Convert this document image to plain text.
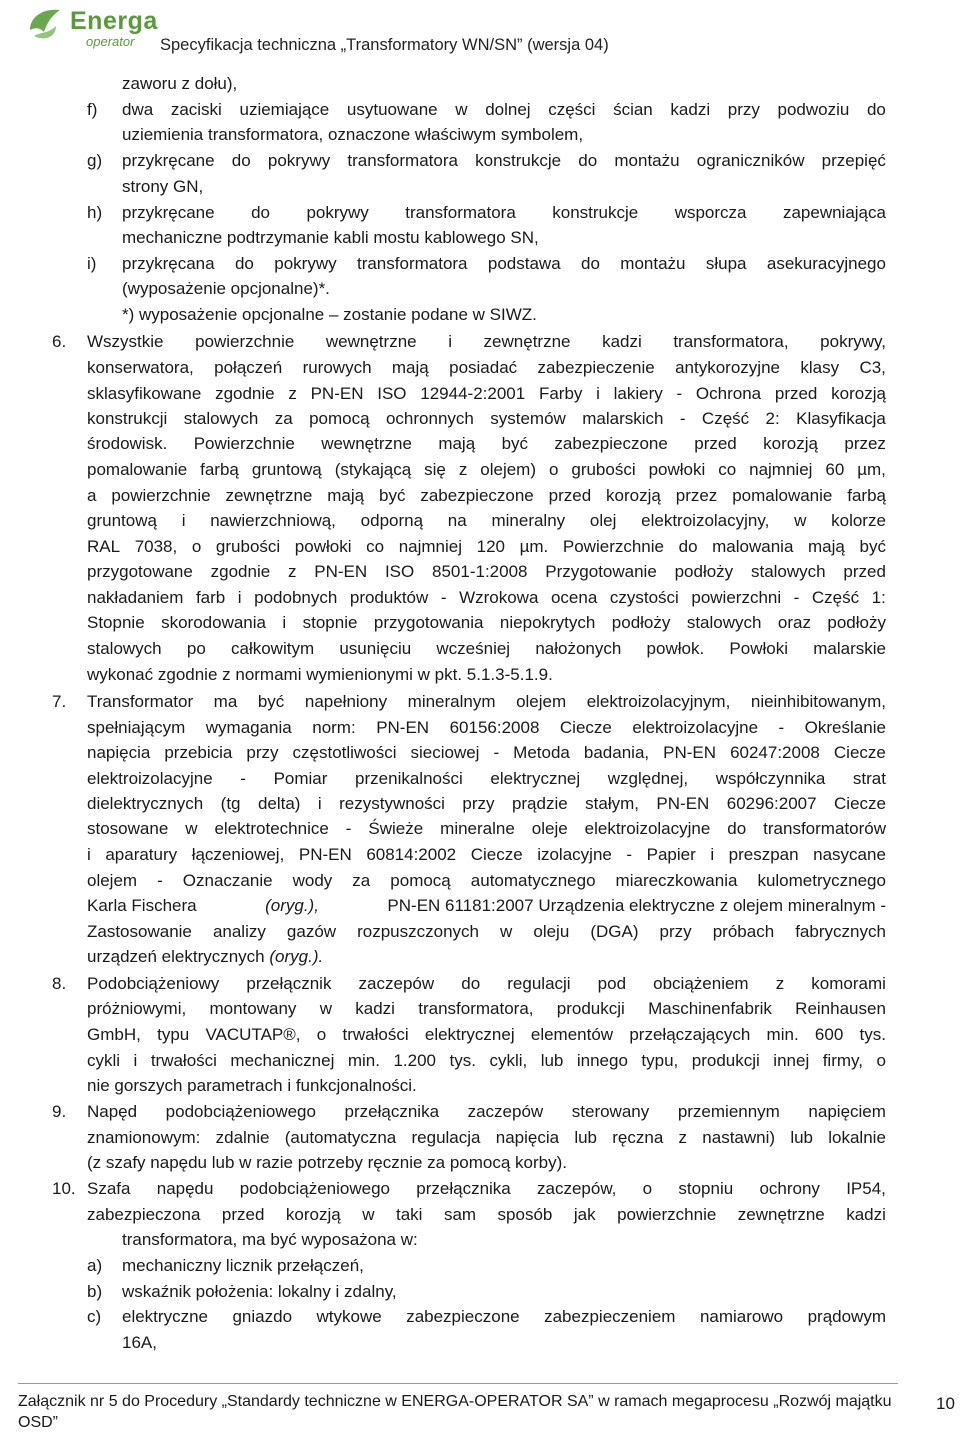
Energa
operator Specyfikacja techniczna „Transformatory WN/SN” (wersja 04)
zaworu z dołu),
f) dwa zaciski uziemiające usytuowane w dolnej części ścian kadzi przy podwoziu do
uziemienia transformatora, oznaczone właściwym symbolem,
g) przykręcane do pokrywy transformatora konstrukcje do montażu ograniczników przepięć
strony GN,
h) przykręcane do pokrywy transformatora konstrukcje wsporcza zapewniająca
mechaniczne podtrzymanie kabli mostu kablowego SN,
i) przykręcana do pokrywy transformatora podstawa do montażu słupa asekuracyjnego
(wyposażenie opcjonalne)*.
*) wyposażenie opcjonalne – zostanie podane w SIWZ.
6. Wszystkie powierzchnie wewnętrzne i zewnętrzne kadzi transformatora, pokrywy,
konserwatora, połączeń rurowych mają posiadać zabezpieczenie antykorozyjne klasy C3,
sklasyfikowane zgodnie z PN-EN ISO 12944-2:2001 Farby i lakiery - Ochrona przed korozją
konstrukcji stalowych za pomocą ochronnych systemów malarskich - Część 2: Klasyfikacja
środowisk. Powierzchnie wewnętrzne mają być zabezpieczone przed korozją przez
pomalowanie farbą gruntową (stykającą się z olejem) o grubości powłoki co najmniej 60 µm,
a powierzchnie zewnętrzne mają być zabezpieczone przed korozją przez pomalowanie farbą
gruntową i nawierzchniową, odporną na mineralny olej elektroizolacyjny, w kolorze
RAL 7038, o grubości powłoki co najmniej 120 µm. Powierzchnie do malowania mają być
przygotowane zgodnie z PN-EN ISO 8501-1:2008 Przygotowanie podłoży stalowych przed
nakładaniem farb i podobnych produktów - Wzrokowa ocena czystości powierzchni - Część 1:
Stopnie skorodowania i stopnie przygotowania niepokrytych podłoży stalowych oraz podłoży
stalowych po całkowitym usunięciu wcześniej nałożonych powłok. Powłoki malarskie
wykonać zgodnie z normami wymienionymi w pkt. 5.1.3-5.1.9.
7. Transformator ma być napełniony mineralnym olejem elektroizolacyjnym, nieinhibitowanym,
spełniającym wymagania norm: PN-EN 60156:2008 Ciecze elektroizolacyjne - Określanie
napięcia przebicia przy częstotliwości sieciowej - Metoda badania, PN-EN 60247:2008 Ciecze
elektroizolacyjne - Pomiar przenikalności elektrycznej względnej, współczynnika strat
dielektrycznych (tg delta) i rezystywności przy prądzie stałym, PN-EN 60296:2007 Ciecze
stosowane w elektrotechnice - Świeże mineralne oleje elektroizolacyjne do transformatorów
i aparatury łączeniowej, PN-EN 60814:2002 Ciecze izolacyjne - Papier i preszpan nasycane
olejem - Oznaczanie wody za pomocą automatycznego miareczkowania kulometrycznego
Karla Fischera	(oryg.),	PN-EN 61181:2007 Urządzenia elektryczne z olejem mineralnym -
Zastosowanie analizy gazów rozpuszczonych w oleju (DGA) przy próbach fabrycznych
urządzeń elektrycznych (oryg.).
8. Podobciążeniowy przełącznik zaczepów do regulacji pod obciążeniem z komorami
próżniowymi, montowany w kadzi transformatora, produkcji Maschinenfabrik Reinhausen
GmbH, typu VACUTAP®, o trwałości elektrycznej elementów przełączających min. 600 tys.
cykli i trwałości mechanicznej min. 1.200 tys. cykli, lub innego typu, produkcji innej firmy, o
nie gorszych parametrach i funkcjonalności.
9. Napęd podobciążeniowego przełącznika zaczepów sterowany przemiennym napięciem
znamionowym: zdalnie (automatyczna regulacja napięcia lub ręczna z nastawni) lub lokalnie
(z szafy napędu lub w razie potrzeby ręcznie za pomocą korby).
10. Szafa napędu podobciążeniowego przełącznika zaczepów, o stopniu ochrony IP54,
zabezpieczona przed korozją w taki sam sposób jak powierzchnie zewnętrzne kadzi
transformatora, ma być wyposażona w:
a) mechaniczny licznik przełączeń,
b) wskaźnik położenia: lokalny i zdalny,
c) elektryczne gniazdo wtykowe zabezpieczone zabezpieczeniem namiarowo prądowym
16A,
Załącznik nr 5 do Procedury „Standardy techniczne w ENERGA-OPERATOR SA” w ramach megaprocesu „Rozwój majątku OSD”
10
